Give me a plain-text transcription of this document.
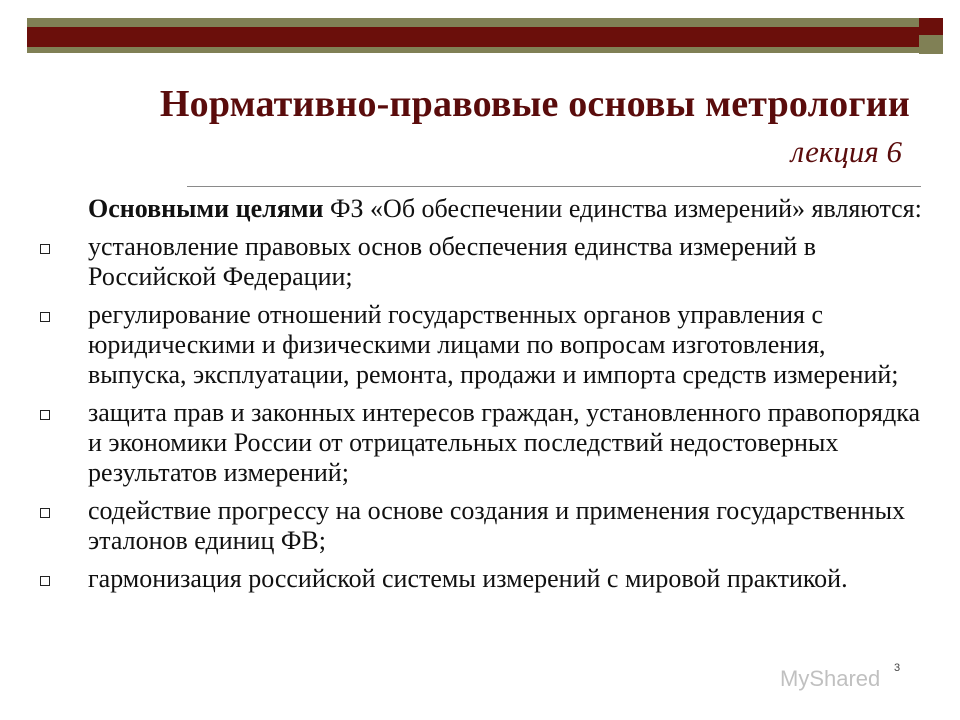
Нормативно-правовые основы метрологии
лекция 6
Основными целями ФЗ «Об обеспечении единства измерений» являются:
установление правовых основ обеспечения единства измерений в Российской Федерации;
регулирование отношений государственных органов управления с юридическими и физическими лицами по вопросам изготовления, выпуска, эксплуатации, ремонта, продажи и импорта средств измерений;
защита прав и законных интересов граждан, установленного правопорядка и экономики России от отрицательных последствий недостоверных результатов измерений;
содействие прогрессу на основе создания и применения государственных эталонов единиц ФВ;
гармонизация российской системы измерений с мировой практикой.
MyShared 3
